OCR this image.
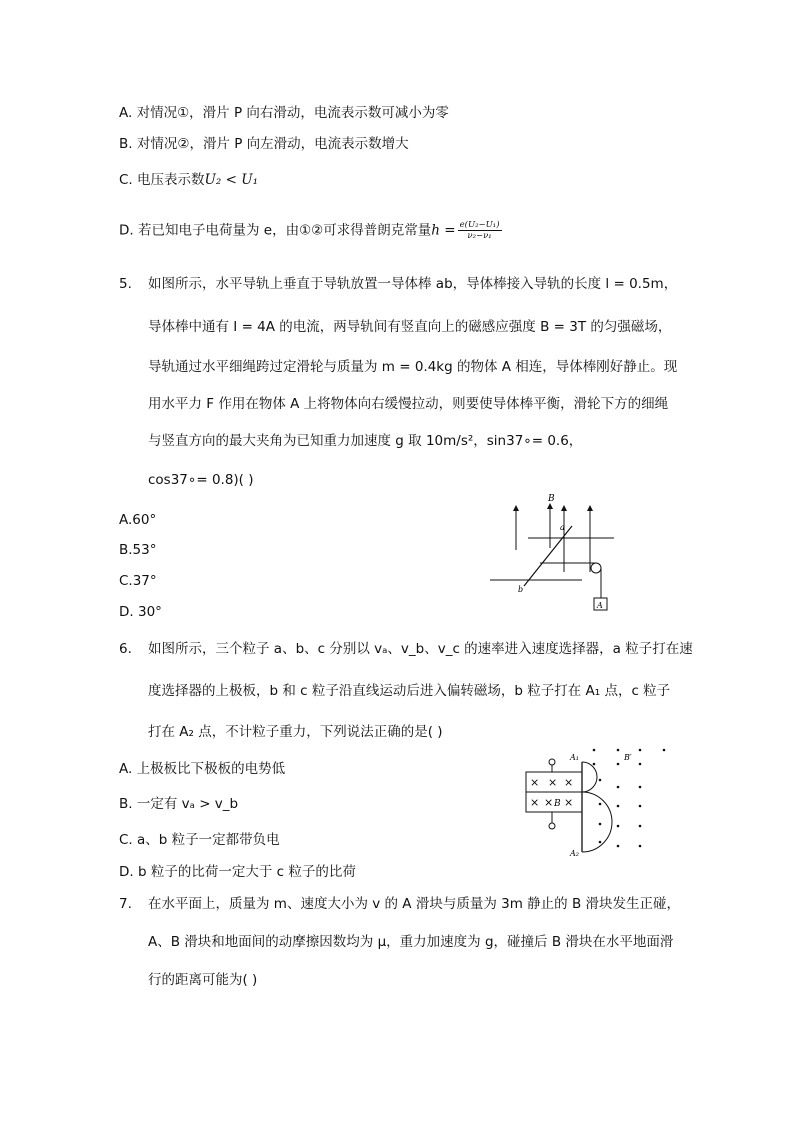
A. 对情况①，滑片 P 向右滑动，电流表示数可减小为零
B. 对情况②，滑片 P 向左滑动，电流表示数增大
C. 电压表示数U₂ < U₁
D. 若已知电子电荷量为 e，由①②可求得普朗克常量$h = \frac{\text{e(U₂−U₁)}}{\text{ν₂−ν₁}}$
5. 如图所示，水平导轨上垂直于导轨放置一导体棒 ab，导体棒接入导轨的长度 l = 0.5m，
导体棒中通有 I = 4A 的电流，两导轨间有竖直向上的磁感应强度 B = 3T 的匀强磁场，
导轨通过水平细绳跨过定滑轮与质量为 m = 0.4kg 的物体 A 相连，导体棒刚好静止。现
用水平力 F 作用在物体 A 上将物体向右缓慢拉动，则要使导体棒平衡，滑轮下方的细绳
与竖直方向的最大夹角为已知重力加速度 g 取 10m/s²，sin37∘= 0.6，
cos37∘= 0.8)( )
A.60°
B.53°
C.37°
D. 30°
B
a
b
A
6. 如图所示，三个粒子 a、b、c 分别以 vₐ、v_b、v_c 的速率进入速度选择器，a 粒子打在速
度选择器的上极板，b 和 c 粒子沿直线运动后进入偏转磁场，b 粒子打在 A₁ 点，c 粒子
打在 A₂ 点，不计粒子重力，下列说法正确的是( )
A. 上极板比下极板的电势低
B. 一定有 vₐ > v_b
C. a、b 粒子一定都带负电
D. b 粒子的比荷一定大于 c 粒子的比荷
× × ×
× × B ×
A₁
A₂
B′
7. 在水平面上，质量为 m、速度大小为 v 的 A 滑块与质量为 3m 静止的 B 滑块发生正碰，
A、B 滑块和地面间的动摩擦因数均为 μ，重力加速度为 g，碰撞后 B 滑块在水平地面滑
行的距离可能为( )
